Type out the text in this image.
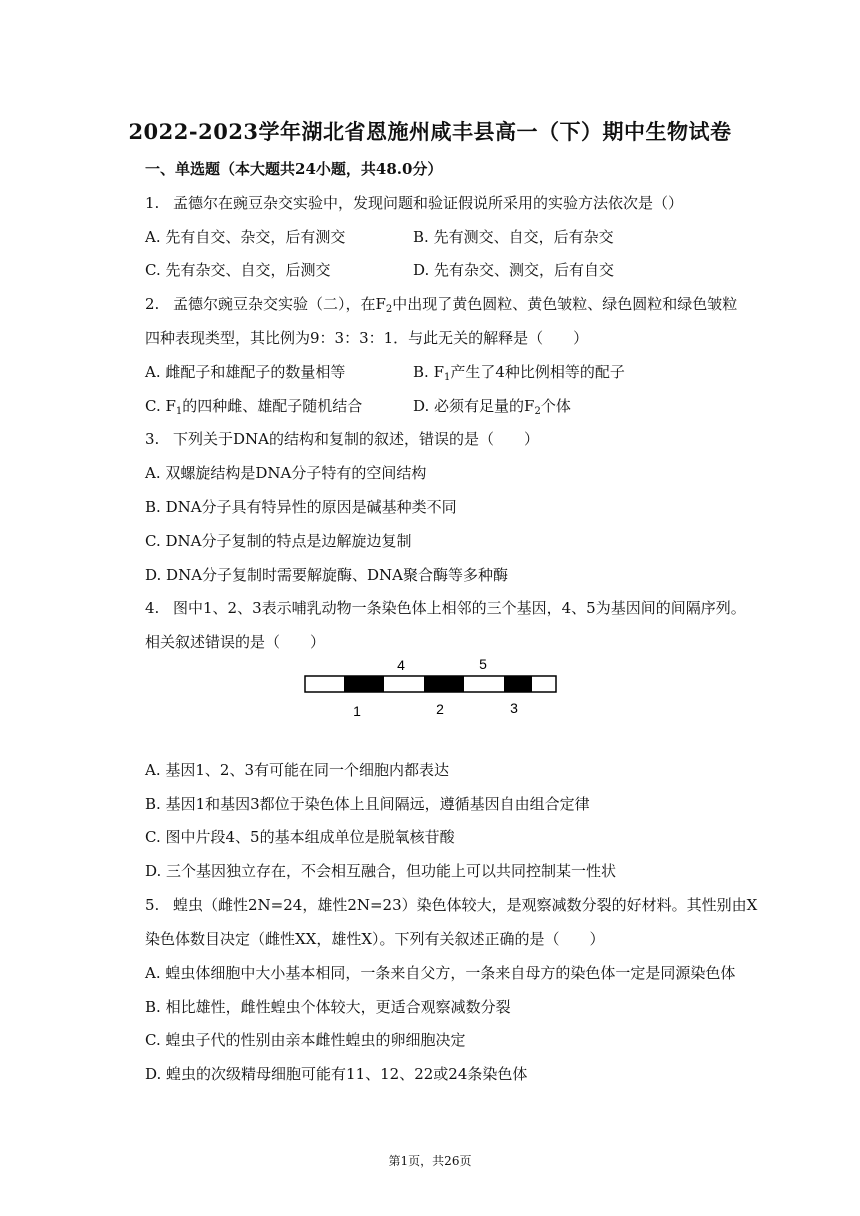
2022-2023学年湖北省恩施州咸丰县高一（下）期中生物试卷
一、单选题（本大题共24小题，共48.0分）
1. 孟德尔在豌豆杂交实验中，发现问题和验证假说所采用的实验方法依次是（）
A. 先有自交、杂交，后有测交	B. 先有测交、自交，后有杂交
C. 先有杂交、自交，后测交	D. 先有杂交、测交，后有自交
2. 孟德尔豌豆杂交实验（二），在$F_2$中出现了黄色圆粒、黄色皱粒、绿色圆粒和绿色皱粒
四种表现类型，其比例为9：3：3：1．与此无关的解释是（　　）
A. 雌配子和雄配子的数量相等	B. $F_1$产生了4种比例相等的配子
C. $F_1$的四种雌、雄配子随机结合	D. 必须有足量的$F_2$个体
3. 下列关于DNA的结构和复制的叙述，错误的是（　　）
A. 双螺旋结构是DNA分子特有的空间结构
B. DNA分子具有特异性的原因是碱基种类不同
C. DNA分子复制的特点是边解旋边复制
D. DNA分子复制时需要解旋酶、DNA聚合酶等多种酶
4. 图中1、2、3表示哺乳动物一条染色体上相邻的三个基因，4、5为基因间的间隔序列。
相关叙述错误的是（　　）
4	5
1	2	3
A. 基因1、2、3有可能在同一个细胞内都表达
B. 基因1和基因3都位于染色体上且间隔远，遵循基因自由组合定律
C. 图中片段4、5的基本组成单位是脱氧核苷酸
D. 三个基因独立存在，不会相互融合，但功能上可以共同控制某一性状
5. 蝗虫（雌性2N=24，雄性2N=23）染色体较大，是观察减数分裂的好材料。其性别由X
染色体数目决定（雌性XX，雄性X）。下列有关叙述正确的是（　　）
A. 蝗虫体细胞中大小基本相同，一条来自父方，一条来自母方的染色体一定是同源染色体
B. 相比雄性，雌性蝗虫个体较大，更适合观察减数分裂
C. 蝗虫子代的性别由亲本雌性蝗虫的卵细胞决定
D. 蝗虫的次级精母细胞可能有11、12、22或24条染色体
第1页，共26页
